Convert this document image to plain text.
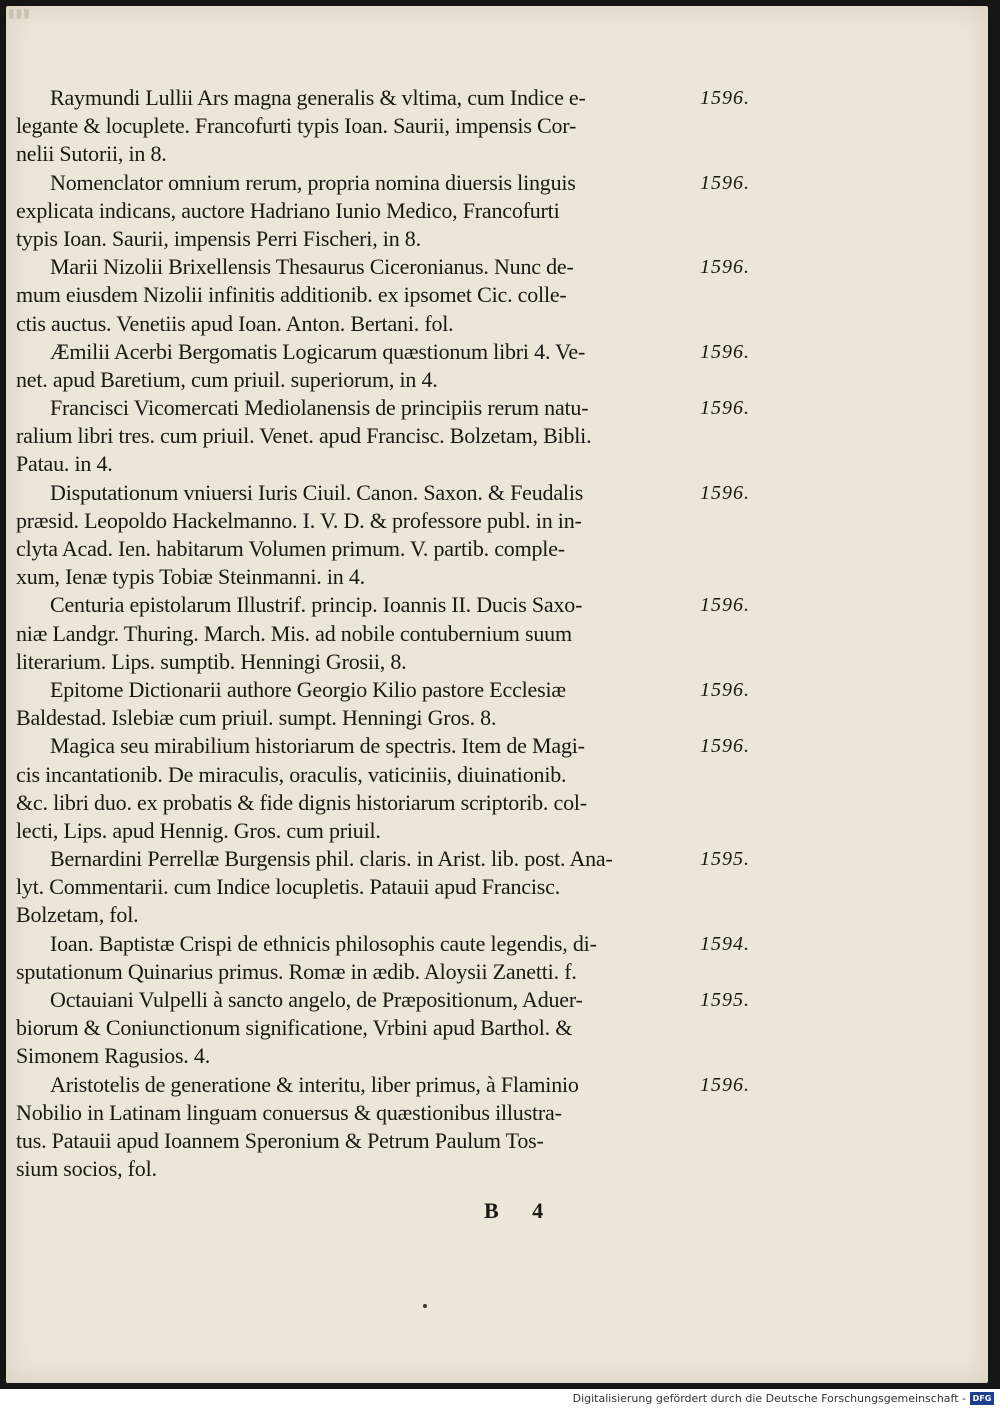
▮▮▮
Raymundi Lullii Ars magna generalis & vltima, cum Indice e-
legante & locuplete. Francofurti typis Ioan. Saurii, impensis Cor-
nelii Sutorii, in 8.
1596.
Nomenclator omnium rerum, propria nomina diuersis linguis
explicata indicans, auctore Hadriano Iunio Medico, Francofurti
typis Ioan. Saurii, impensis Perri Fischeri, in 8.
1596.
Marii Nizolii Brixellensis Thesaurus Ciceronianus. Nunc de-
mum eiusdem Nizolii infinitis additionib. ex ipsomet Cic. colle-
ctis auctus. Venetiis apud Ioan. Anton. Bertani. fol.
1596.
Æmilii Acerbi Bergomatis Logicarum quæstionum libri 4. Ve-
net. apud Baretium, cum priuil. superiorum, in 4.
1596.
Francisci Vicomercati Mediolanensis de principiis rerum natu-
ralium libri tres. cum priuil. Venet. apud Francisc. Bolzetam, Bibli.
Patau. in 4.
1596.
Disputationum vniuersi Iuris Ciuil. Canon. Saxon. & Feudalis
præsid. Leopoldo Hackelmanno. I. V. D. & professore publ. in in-
clyta Acad. Ien. habitarum Volumen primum. V. partib. comple-
xum, Ienæ typis Tobiæ Steinmanni. in 4.
1596.
Centuria epistolarum Illustrif. princip. Ioannis II. Ducis Saxo-
niæ Landgr. Thuring. March. Mis. ad nobile contubernium suum
literarium. Lips. sumptib. Henningi Grosii, 8.
1596.
Epitome Dictionarii authore Georgio Kilio pastore Ecclesiæ
Baldestad. Islebiæ cum priuil. sumpt. Henningi Gros. 8.
1596.
Magica seu mirabilium historiarum de spectris. Item de Magi-
cis incantationib. De miraculis, oraculis, vaticiniis, diuinationib.
&c. libri duo. ex probatis & fide dignis historiarum scriptorib. col-
lecti, Lips. apud Hennig. Gros. cum priuil.
1596.
Bernardini Perrellæ Burgensis phil. claris. in Arist. lib. post. Ana-
lyt. Commentarii. cum Indice locupletis. Patauii apud Francisc.
Bolzetam, fol.
1595.
Ioan. Baptistæ Crispi de ethnicis philosophis caute legendis, di-
sputationum Quinarius primus. Romæ in ædib. Aloysii Zanetti. f.
1594.
Octauiani Vulpelli à sancto angelo, de Præpositionum, Aduer-
biorum & Coniunctionum significatione, Vrbini apud Barthol. &
Simonem Ragusios. 4.
1595.
Aristotelis de generatione & interitu, liber primus, à Flaminio
Nobilio in Latinam linguam conuersus & quæstionibus illustra-
tus. Patauii apud Ioannem Speronium & Petrum Paulum Tos-
sium socios, fol.
1596.
B 4
Digitalisierung gefördert durch die Deutsche Forschungsgemeinschaft - DFG
